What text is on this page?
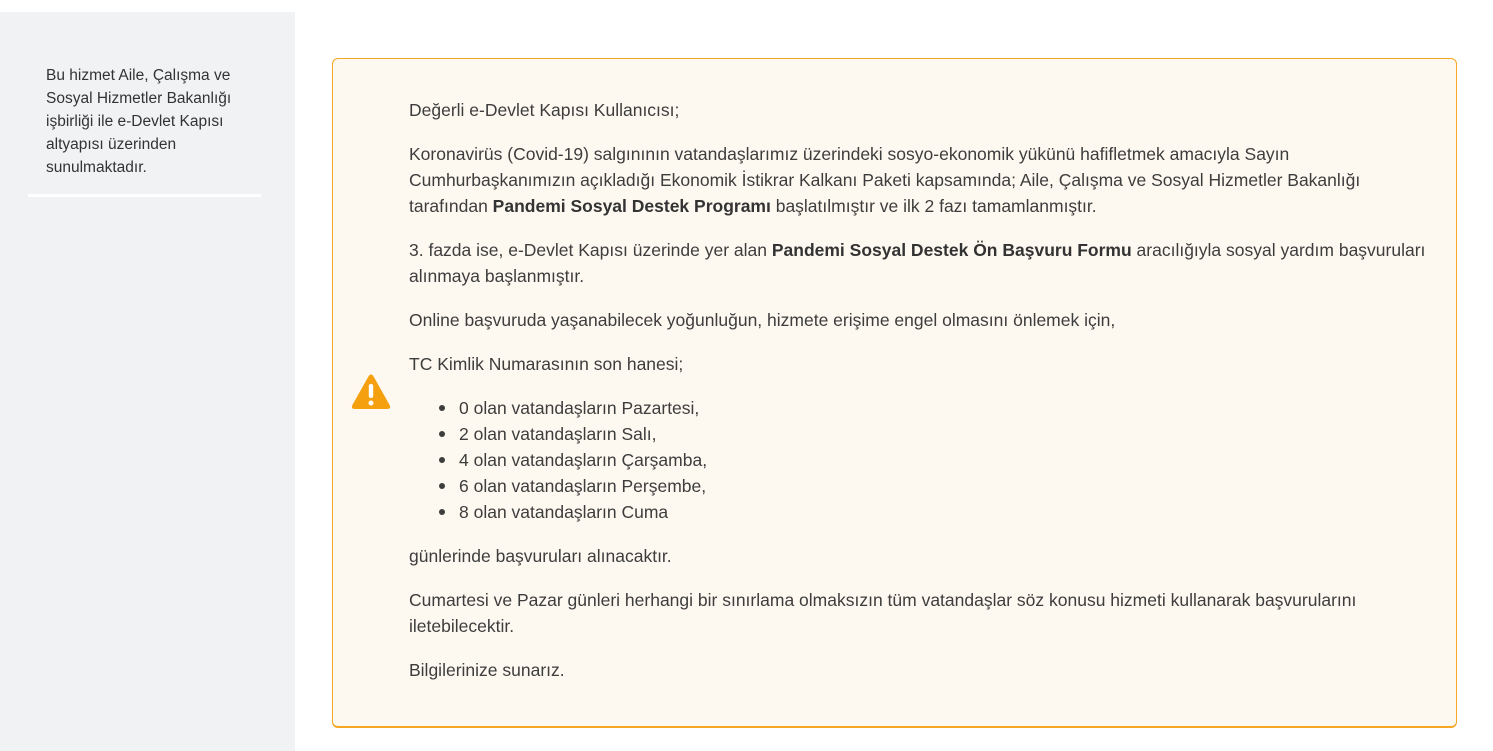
Bu hizmet Aile, Çalışma ve Sosyal Hizmetler Bakanlığı işbirliği ile e-Devlet Kapısı altyapısı üzerinden sunulmaktadır.

Değerli e-Devlet Kapısı Kullanıcısı;

Koronavirüs (Covid-19) salgınının vatandaşlarımız üzerindeki sosyo-ekonomik yükünü hafifletmek amacıyla Sayın Cumhurbaşkanımızın açıkladığı Ekonomik İstikrar Kalkanı Paketi kapsamında; Aile, Çalışma ve Sosyal Hizmetler Bakanlığı tarafından Pandemi Sosyal Destek Programı başlatılmıştır ve ilk 2 fazı tamamlanmıştır.

3. fazda ise, e-Devlet Kapısı üzerinde yer alan Pandemi Sosyal Destek Ön Başvuru Formu aracılığıyla sosyal yardım başvuruları alınmaya başlanmıştır.

Online başvuruda yaşanabilecek yoğunluğun, hizmete erişime engel olmasını önlemek için,

TC Kimlik Numarasının son hanesi;

0 olan vatandaşların Pazartesi,
2 olan vatandaşların Salı,
4 olan vatandaşların Çarşamba,
6 olan vatandaşların Perşembe,
8 olan vatandaşların Cuma

günlerinde başvuruları alınacaktır.

Cumartesi ve Pazar günleri herhangi bir sınırlama olmaksızın tüm vatandaşlar söz konusu hizmeti kullanarak başvurularını iletebilecektir.

Bilgilerinize sunarız.
